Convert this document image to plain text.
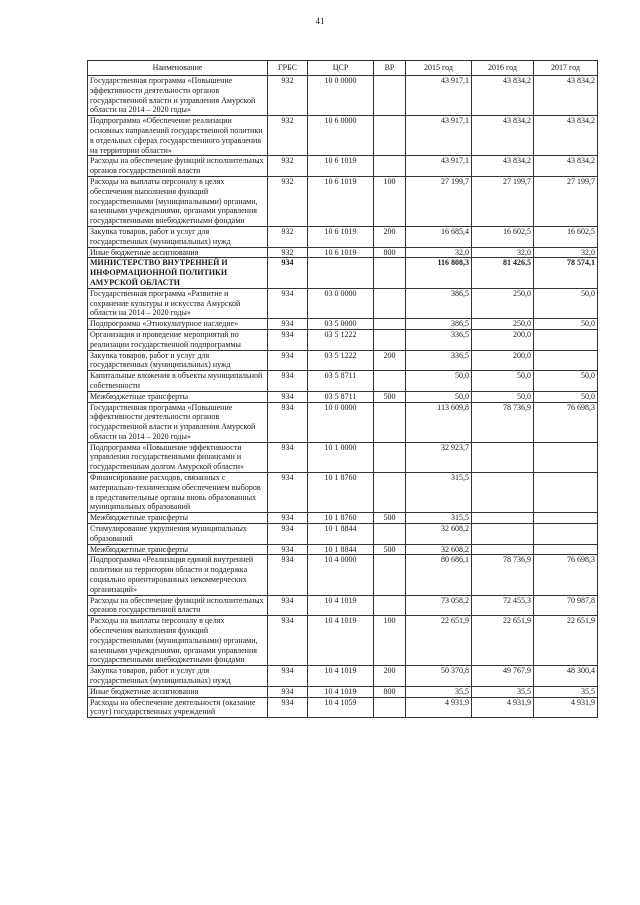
41
Наименование	ГРБС	ЦСР	ВР	2015 год	2016 год	2017 год
Государственная программа «Повышение эффективности деятельности органов государственной власти и управления Амурской области на 2014 – 2020 годы»	932	10 0 0000		43 917,1	43 834,2	43 834,2
Подпрограмма «Обеспечение реализации основных направлений государственной политики в отдельных сферах государственного управления на территории области»	932	10 6 0000		43 917,1	43 834,2	43 834,2
Расходы на обеспечение функций исполнительных органов государственной власти	932	10 6 1019		43 917,1	43 834,2	43 834,2
Расходы на выплаты персоналу в целях обеспечения выполнения функций государственными (муниципальными) органами, казенными учреждениями, органами управления государственными внебюджетными фондами	932	10 6 1019	100	27 199,7	27 199,7	27 199,7
Закупка товаров, работ и услуг для государственных (муниципальных) нужд	932	10 6 1019	200	16 685,4	16 602,5	16 602,5
Иные бюджетные ассигнования	932	10 6 1019	800	32,0	32,0	32,0
МИНИСТЕРСТВО ВНУТРЕННЕЙ И ИНФОРМАЦИОННОЙ ПОЛИТИКИ АМУРСКОЙ ОБЛАСТИ	934			116 808,3	81 426,5	78 574,1
Государственная программа «Развитие и сохранение культуры и искусства Амурской области на 2014 – 2020 годы»	934	03 0 0000		386,5	250,0	50,0
Подпрограмма «Этнокультурное наследие»	934	03 5 0000		386,5	250,0	50,0
Организация и проведение мероприятий по реализации государственной подпрограммы	934	03 5 1222		336,5	200,0	
Закупка товаров, работ и услуг для государственных (муниципальных) нужд	934	03 5 1222	200	336,5	200,0	
Капитальные вложения в объекты муниципальной собственности	934	03 5 8711		50,0	50,0	50,0
Межбюджетные трансферты	934	03 5 8711	500	50,0	50,0	50,0
Государственная программа «Повышение эффективности деятельности органов государственной власти и управления Амурской области на 2014 – 2020 годы»	934	10 0 0000		113 609,8	78 736,9	76 698,3
Подпрограмма «Повышение эффективности управления государственными финансами и государственным долгом Амурской области»	934	10 1 0000		32 923,7		
Финансирование расходов, связанных с материально-техническим обеспечением выборов в представительные органы вновь образованных муниципальных образований	934	10 1 8760		315,5		
Межбюджетные трансферты	934	10 1 8760	500	315,5		
Стимулирование укрупнения муниципальных образований	934	10 1 8844		32 608,2		
Межбюджетные трансферты	934	10 1 8844	500	32 608,2		
Подпрограмма «Реализация единой внутренней политики на территории области и поддержка социально ориентированных некоммерческих организаций»	934	10 4 0000		80 686,1	78 736,9	76 698,3
Расходы на обеспечение функций исполнительных органов государственной власти	934	10 4 1019		73 058,2	72 455,3	70 987,8
Расходы на выплаты персоналу в целях обеспечения выполнения функций государственными (муниципальными) органами, казенными учреждениями, органами управления государственными внебюджетными фондами	934	10 4 1019	100	22 651,9	22 651,9	22 651,9
Закупка товаров, работ и услуг для государственных (муниципальных) нужд	934	10 4 1019	200	50 370,8	49 767,9	48 300,4
Иные бюджетные ассигнования	934	10 4 1019	800	35,5	35,5	35,5
Расходы на обеспечение деятельности (оказание услуг) государственных учреждений	934	10 4 1059		4 931,9	4 931,9	4 931,9
